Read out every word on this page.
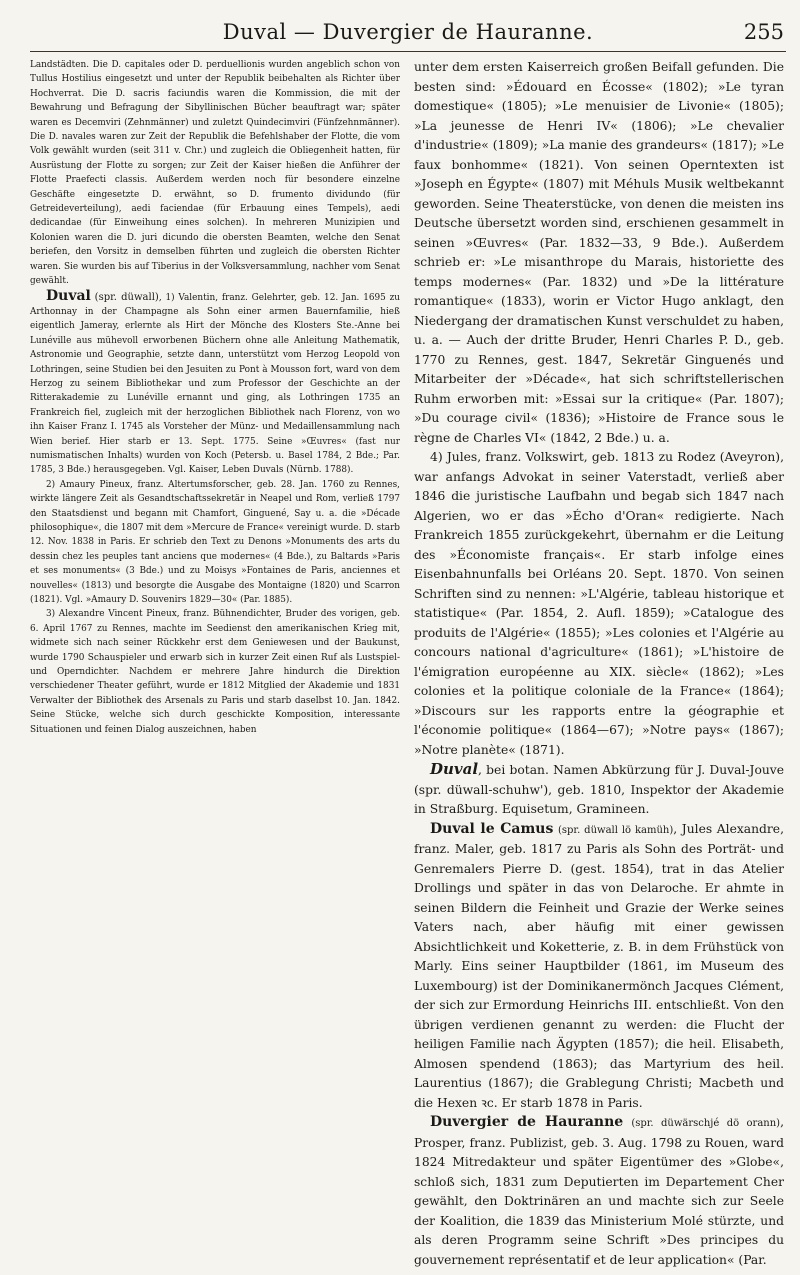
Duval — Duvergier de Hauranne.	255

Landstädten. Die D. capitales oder D. perduellionis wurden angeblich schon von Tullus Hostilius eingesetzt und unter der Republik beibehalten als Richter über Hochverrat. Die D. sacris faciundis waren die Kommission, die mit der Bewahrung und Befragung der Sibyllinischen Bücher beauftragt war; später waren es Decemviri (Zehnmänner) und zuletzt Quindecimviri (Fünfzehnmänner). Die D. navales waren zur Zeit der Republik die Befehlshaber der Flotte, die vom Volk gewählt wurden (seit 311 v. Chr.) und zugleich die Obliegenheit hatten, für Ausrüstung der Flotte zu sorgen; zur Zeit der Kaiser hießen die Anführer der Flotte Praefecti classis. Außerdem werden noch für besondere einzelne Geschäfte eingesetzte D. erwähnt, so D. frumento dividundo (für Getreideverteilung), aedi faciendae (für Erbauung eines Tempels), aedi dedicandae (für Einweihung eines solchen). In mehreren Munizipien und Kolonien waren die D. juri dicundo die obersten Beamten, welche den Senat beriefen, den Vorsitz in demselben führten und zugleich die obersten Richter waren. Sie wurden bis auf Tiberius in der Volksversammlung, nachher vom Senat gewählt.

Duval (spr. düwall), 1) Valentin, franz. Gelehrter, geb. 12. Jan. 1695 zu Arthonnay in der Champagne als Sohn einer armen Bauernfamilie, hieß eigentlich Jameray, erlernte als Hirt der Mönche des Klosters Ste.-Anne bei Lunéville aus mühevoll erworbenen Büchern ohne alle Anleitung Mathematik, Astronomie und Geographie, setzte dann, unterstützt vom Herzog Leopold von Lothringen, seine Studien bei den Jesuiten zu Pont à Mousson fort, ward von dem Herzog zu seinem Bibliothekar und zum Professor der Geschichte an der Ritterakademie zu Lunéville ernannt und ging, als Lothringen 1735 an Frankreich fiel, zugleich mit der herzoglichen Bibliothek nach Florenz, von wo ihn Kaiser Franz I. 1745 als Vorsteher der Münz- und Medaillensammlung nach Wien berief. Hier starb er 13. Sept. 1775. Seine »Œuvres« (fast nur numismatischen Inhalts) wurden von Koch (Petersb. u. Basel 1784, 2 Bde.; Par. 1785, 3 Bde.) herausgegeben. Vgl. Kaiser, Leben Duvals (Nürnb. 1788).

2) Amaury Pineux, franz. Altertumsforscher, geb. 28. Jan. 1760 zu Rennes, wirkte längere Zeit als Gesandtschaftssekretär in Neapel und Rom, verließ 1797 den Staatsdienst und begann mit Chamfort, Ginguené, Say u. a. die »Décade philosophique«, die 1807 mit dem »Mercure de France« vereinigt wurde. D. starb 12. Nov. 1838 in Paris. Er schrieb den Text zu Denons »Monuments des arts du dessin chez les peuples tant anciens que modernes« (4 Bde.), zu Baltards »Paris et ses monuments« (3 Bde.) und zu Moisys »Fontaines de Paris, anciennes et nouvelles« (1813) und besorgte die Ausgabe des Montaigne (1820) und Scarron (1821). Vgl. »Amaury D. Souvenirs 1829—30« (Par. 1885).

3) Alexandre Vincent Pineux, franz. Bühnendichter, Bruder des vorigen, geb. 6. April 1767 zu Rennes, machte im Seedienst den amerikanischen Krieg mit, widmete sich nach seiner Rückkehr erst dem Geniewesen und der Baukunst, wurde 1790 Schauspieler und erwarb sich in kurzer Zeit einen Ruf als Lustspiel- und Operndichter. Nachdem er mehrere Jahre hindurch die Direktion verschiedener Theater geführt, wurde er 1812 Mitglied der Akademie und 1831 Verwalter der Bibliothek des Arsenals zu Paris und starb daselbst 10. Jan. 1842. Seine Stücke, welche sich durch geschickte Komposition, interessante Situationen und feinen Dialog auszeichnen, haben

unter dem ersten Kaiserreich großen Beifall gefunden. Die besten sind: »Édouard en Écosse« (1802); »Le tyran domestique« (1805); »Le menuisier de Livonie« (1805); »La jeunesse de Henri IV« (1806); »Le chevalier d'industrie« (1809); »La manie des grandeurs« (1817); »Le faux bonhomme« (1821). Von seinen Operntexten ist »Joseph en Égypte« (1807) mit Méhuls Musik weltbekannt geworden. Seine Theaterstücke, von denen die meisten ins Deutsche übersetzt worden sind, erschienen gesammelt in seinen »Œuvres« (Par. 1832—33, 9 Bde.). Außerdem schrieb er: »Le misanthrope du Marais, historiette des temps modernes« (Par. 1832) und »De la littérature romantique« (1833), worin er Victor Hugo anklagt, den Niedergang der dramatischen Kunst verschuldet zu haben, u. a. — Auch der dritte Bruder, Henri Charles P. D., geb. 1770 zu Rennes, gest. 1847, Sekretär Ginguenés und Mitarbeiter der »Décade«, hat sich schriftstellerischen Ruhm erworben mit: »Essai sur la critique« (Par. 1807); »Du courage civil« (1836); »Histoire de France sous le règne de Charles VI« (1842, 2 Bde.) u. a.

4) Jules, franz. Volkswirt, geb. 1813 zu Rodez (Aveyron), war anfangs Advokat in seiner Vaterstadt, verließ aber 1846 die juristische Laufbahn und begab sich 1847 nach Algerien, wo er das »Écho d'Oran« redigierte. Nach Frankreich 1855 zurückgekehrt, übernahm er die Leitung des »Économiste français«. Er starb infolge eines Eisenbahnunfalls bei Orléans 20. Sept. 1870. Von seinen Schriften sind zu nennen: »L'Algérie, tableau historique et statistique« (Par. 1854, 2. Aufl. 1859); »Catalogue des produits de l'Algérie« (1855); »Les colonies et l'Algérie au concours national d'agriculture« (1861); »L'histoire de l'émigration européenne au XIX. siècle« (1862); »Les colonies et la politique coloniale de la France« (1864); »Discours sur les rapports entre la géographie et l'économie politique« (1864—67); »Notre pays« (1867); »Notre planète« (1871).

Duval, bei botan. Namen Abkürzung für J. Duval-Jouve (spr. düwall-schuhw'), geb. 1810, Inspektor der Akademie in Straßburg. Equisetum, Gramineen.

Duval le Camus (spr. düwall lö kamüh), Jules Alexandre, franz. Maler, geb. 1817 zu Paris als Sohn des Porträt- und Genremalers Pierre D. (gest. 1854), trat in das Atelier Drollings und später in das von Delaroche. Er ahmte in seinen Bildern die Feinheit und Grazie der Werke seines Vaters nach, aber häufig mit einer gewissen Absichtlichkeit und Koketterie, z. B. in dem Frühstück von Marly. Eins seiner Hauptbilder (1861, im Museum des Luxembourg) ist der Dominikanermönch Jacques Clément, der sich zur Ermordung Heinrichs III. entschließt. Von den übrigen verdienen genannt zu werden: die Flucht der heiligen Familie nach Ägypten (1857); die heil. Elisabeth, Almosen spendend (1863); das Martyrium des heil. Laurentius (1867); die Grablegung Christi; Macbeth und die Hexen ꝛc. Er starb 1878 in Paris.

Duvergier de Hauranne (spr. düwärschjé dö orann), Prosper, franz. Publizist, geb. 3. Aug. 1798 zu Rouen, ward 1824 Mitredakteur und später Eigentümer des »Globe«, schloß sich, 1831 zum Deputierten im Departement Cher gewählt, den Doktrinären an und machte sich zur Seele der Koalition, die 1839 das Ministerium Molé stürzte, und als deren Programm seine Schrift »Des principes du gouvernement représentatif et de leur application« (Par.
